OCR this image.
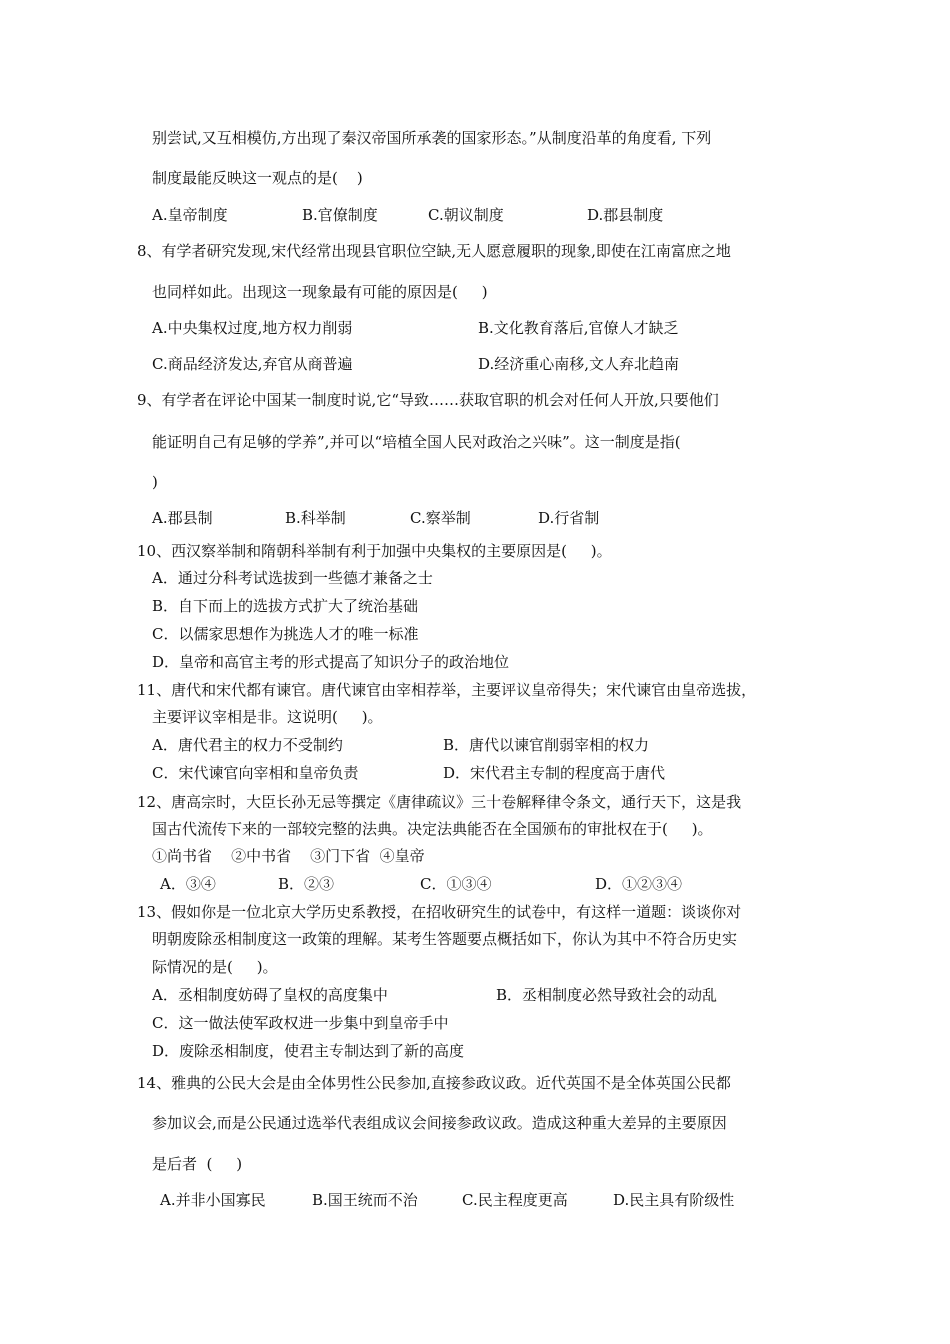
别尝试,又互相模仿,方出现了秦汉帝国所承袭的国家形态。”从制度沿革的角度看, 下列
制度最能反映这一观点的是(    )
A.皇帝制度	B.官僚制度	C.朝议制度	D.郡县制度
8、有学者研究发现,宋代经常出现县官职位空缺,无人愿意履职的现象,即使在江南富庶之地
也同样如此。出现这一现象最有可能的原因是(     )
A.中央集权过度,地方权力削弱	B.文化教育落后,官僚人才缺乏
C.商品经济发达,弃官从商普遍	D.经济重心南移,文人弃北趋南
9、有学者在评论中国某一制度时说,它“导致……获取官职的机会对任何人开放,只要他们
能证明自己有足够的学养”,并可以“培植全国人民对政治之兴味”。这一制度是指(
)
A.郡县制	B.科举制	C.察举制	D.行省制
10、西汉察举制和隋朝科举制有利于加强中央集权的主要原因是(     )。
A．通过分科考试选拔到一些德才兼备之士
B．自下而上的选拔方式扩大了统治基础
C．以儒家思想作为挑选人才的唯一标准
D．皇帝和高官主考的形式提高了知识分子的政治地位
11、唐代和宋代都有谏官。唐代谏官由宰相荐举，主要评议皇帝得失；宋代谏官由皇帝选拔，
主要评议宰相是非。这说明(     )。
A．唐代君主的权力不受制约	B．唐代以谏官削弱宰相的权力
C．宋代谏官向宰相和皇帝负责	D．宋代君主专制的程度高于唐代
12、唐高宗时，大臣长孙无忌等撰定《唐律疏议》三十卷解释律令条文，通行天下，这是我
国古代流传下来的一部较完整的法典。决定法典能否在全国颁布的审批权在于(     )。
①尚书省    ②中书省    ③门下省  ④皇帝
A．③④	B．②③	C．①③④	D．①②③④
13、假如你是一位北京大学历史系教授，在招收研究生的试卷中，有这样一道题：谈谈你对
明朝废除丞相制度这一政策的理解。某考生答题要点概括如下，你认为其中不符合历史实
际情况的是(     )。
A．丞相制度妨碍了皇权的高度集中	B．丞相制度必然导致社会的动乱
C．这一做法使军政权进一步集中到皇帝手中
D．废除丞相制度，使君主专制达到了新的高度
14、雅典的公民大会是由全体男性公民参加,直接参政议政。近代英国不是全体英国公民都
参加议会,而是公民通过选举代表组成议会间接参政议政。造成这种重大差异的主要原因
是后者  (     )
A.并非小国寡民	B.国王统而不治	C.民主程度更高	D.民主具有阶级性
